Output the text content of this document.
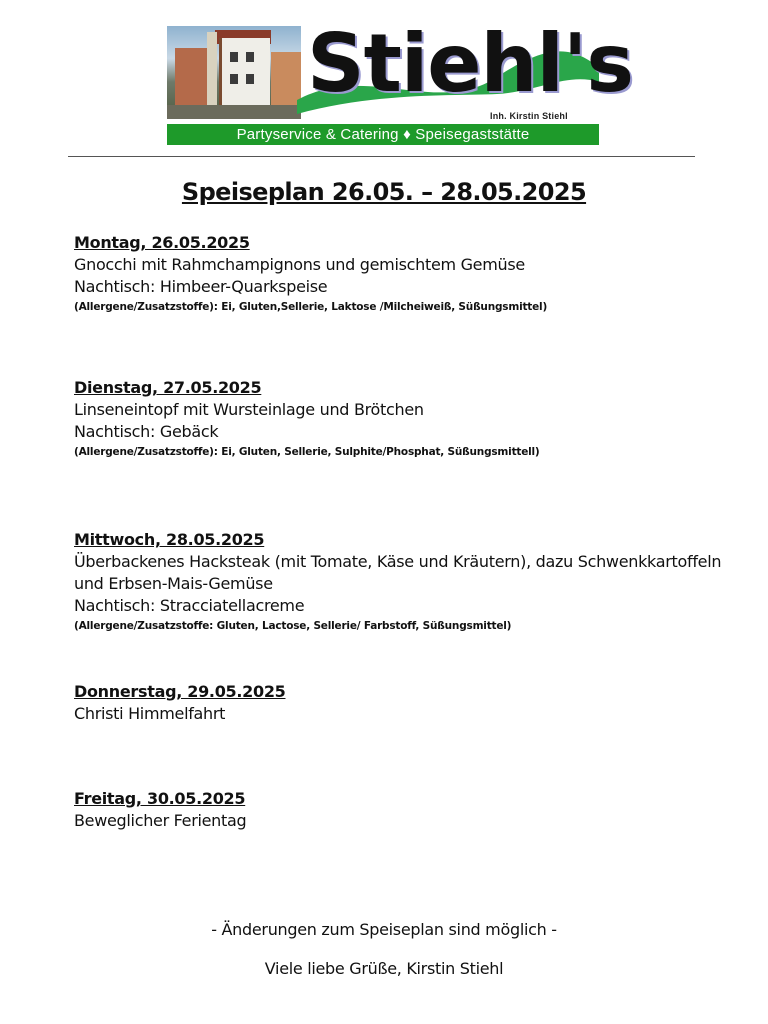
Stiehl's
Inh. Kirstin Stiehl
Partyservice & Catering ♦ Speisegaststätte
Speiseplan 26.05. – 28.05.2025
Montag, 26.05.2025
Gnocchi mit Rahmchampignons und gemischtem Gemüse
Nachtisch: Himbeer-Quarkspeise
(Allergene/Zusatzstoffe): Ei, Gluten,Sellerie, Laktose /Milcheiweiß, Süßungsmittel)
Dienstag, 27.05.2025
Linseneintopf mit Wursteinlage und Brötchen
Nachtisch: Gebäck
(Allergene/Zusatzstoffe): Ei, Gluten, Sellerie, Sulphite/Phosphat, Süßungsmittell)
Mittwoch, 28.05.2025
Überbackenes Hacksteak (mit Tomate, Käse und Kräutern), dazu Schwenkkartoffeln
und Erbsen-Mais-Gemüse
Nachtisch: Stracciatellacreme
(Allergene/Zusatzstoffe: Gluten, Lactose, Sellerie/ Farbstoff, Süßungsmittel)
Donnerstag, 29.05.2025
Christi Himmelfahrt
Freitag, 30.05.2025
Beweglicher Ferientag
- Änderungen zum Speiseplan sind möglich -
Viele liebe Grüße, Kirstin Stiehl
